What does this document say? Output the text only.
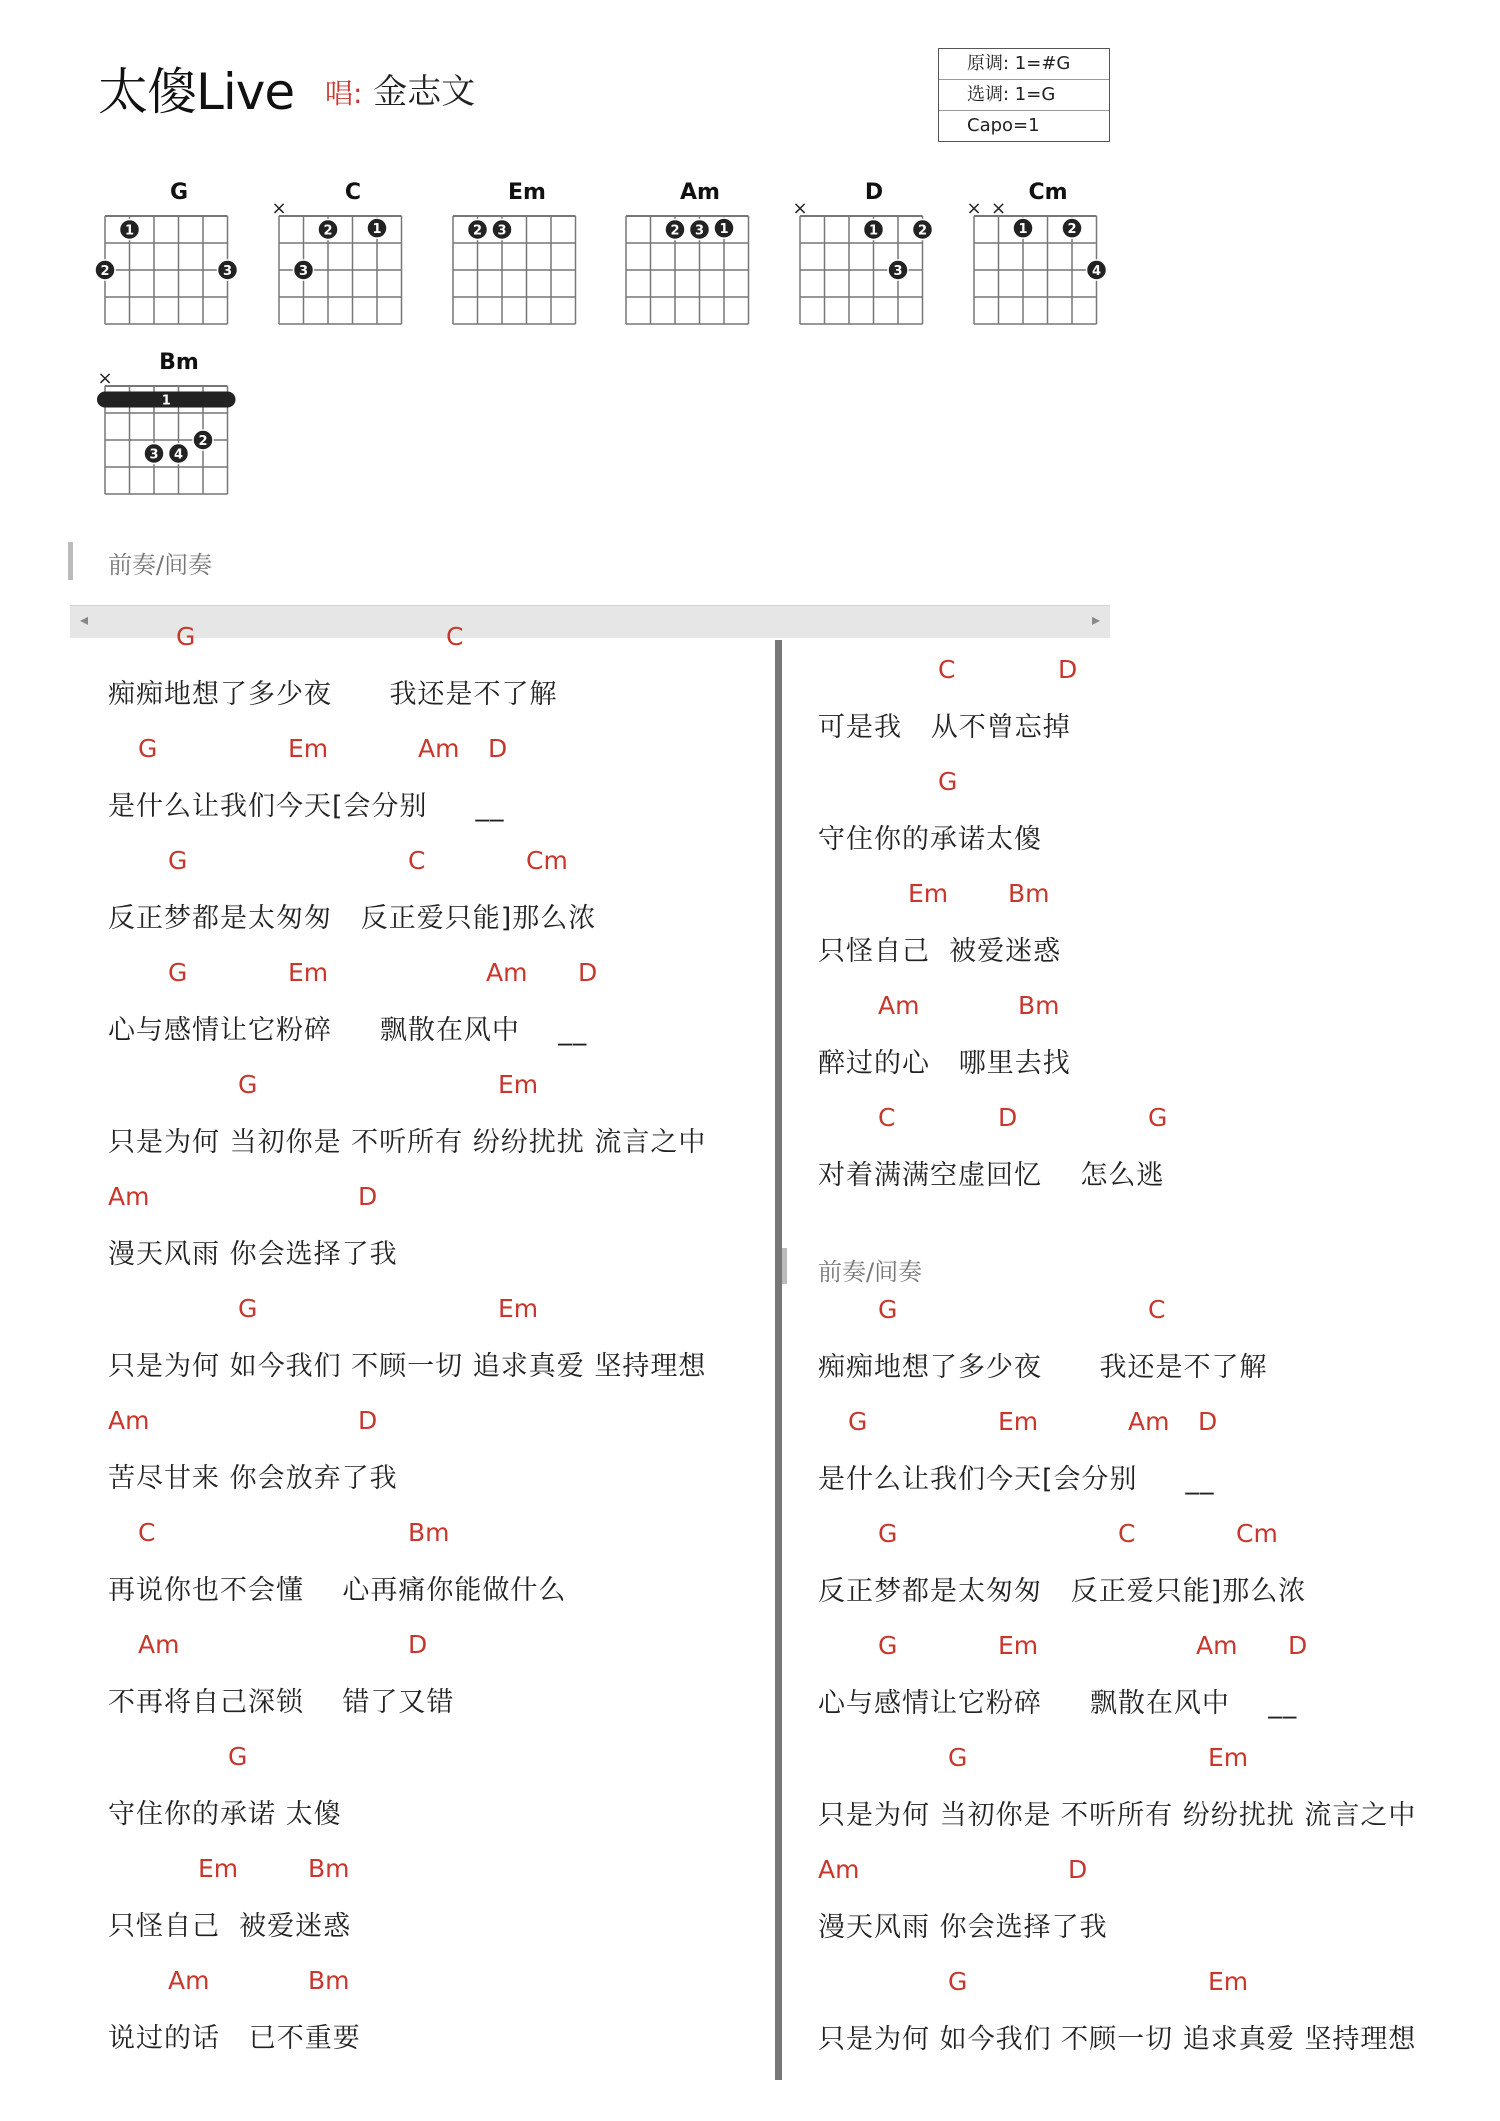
太傻Live 唱: 金志文
原调: 1=#G
选调: 1=G
Capo=1
G
1
2	3
C
×
1
2
3
Em
2 3
Am
1
2 3
D
×
1	2
3
Cm
× ×
1	2
4
Bm
×
1
2
3 4
前奏/间奏
◂	▸
G	C
痴痴地想了多少夜      我还是不了解
G	Em	Am D
是什么让我们今天[会分别     __
G	C	Cm
反正梦都是太匆匆   反正爱只能]那么浓
G	Em	Am D
心与感情让它粉碎     飘散在风中    __
G	Em
只是为何 当初你是 不听所有 纷纷扰扰 流言之中
Am	D
漫天风雨 你会选择了我
G	Em
只是为何 如今我们 不顾一切 追求真爱 坚持理想
Am	D
苦尽甘来 你会放弃了我
C	Bm
再说你也不会懂    心再痛你能做什么
Am	D
不再将自己深锁    错了又错
G
守住你的承诺 太傻
Em	Bm
只怪自己  被爱迷惑
Am	Bm
说过的话   已不重要
C	D
可是我   从不曾忘掉
G
守住你的承诺太傻
Em Bm
只怪自己  被爱迷惑
Am	Bm
醉过的心   哪里去找
C	D	G
对着满满空虚回忆    怎么逃
前奏/间奏
G	C
痴痴地想了多少夜      我还是不了解
G	Em	Am D
是什么让我们今天[会分别     __
G	C	Cm
反正梦都是太匆匆   反正爱只能]那么浓
G	Em	Am D
心与感情让它粉碎     飘散在风中    __
G	Em
只是为何 当初你是 不听所有 纷纷扰扰 流言之中
Am	D
漫天风雨 你会选择了我
G	Em
只是为何 如今我们 不顾一切 追求真爱 坚持理想
